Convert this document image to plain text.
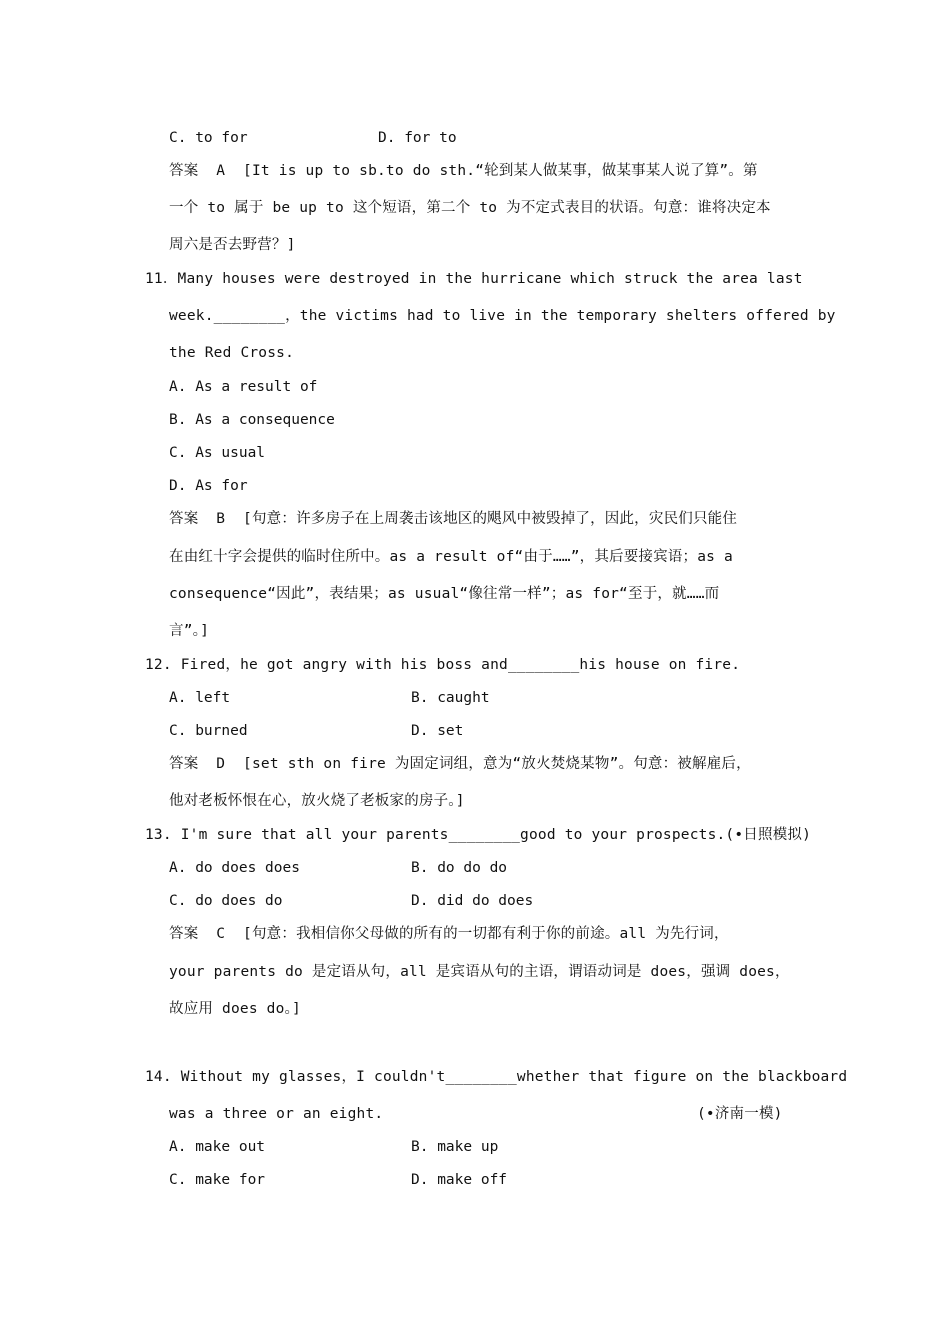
C. to for	D. for to
答案  A  [It is up to sb.to do sth.“轮到某人做某事，做某事某人说了算”。第
一个 to 属于 be up to 这个短语，第二个 to 为不定式表目的状语。句意：谁将决定本
周六是否去野营？]
11．Many houses were destroyed in the hurricane which struck the area last
week.________，the victims had to live in the temporary shelters offered by
the Red Cross.
A. As a result of
B. As a consequence
C. As usual
D. As for
答案  B  [句意：许多房子在上周袭击该地区的飓风中被毁掉了，因此，灾民们只能住
在由红十字会提供的临时住所中。as a result of“由于……”，其后要接宾语；as a
consequence“因此”，表结果；as usual“像往常一样”；as for“至于，就……而
言”。]
12. Fired，he got angry with his boss and________his house on fire.
A. left	B. caught
C. burned	D. set
答案  D  [set sth on fire 为固定词组，意为“放火焚烧某物”。句意：被解雇后，
他对老板怀恨在心，放火烧了老板家的房子。]
13. I'm sure that all your parents________good to your prospects.(•日照模拟)
A. do does does	B. do do do
C. do does do	D. did do does
答案  C  [句意：我相信你父母做的所有的一切都有利于你的前途。all 为先行词，
your parents do 是定语从句，all 是宾语从句的主语，谓语动词是 does，强调 does，
故应用 does do。]
14. Without my glasses，I couldn't________whether that figure on the blackboard
was a three or an eight.	(•济南一模)
A. make out	B. make up
C. make for	D. make off
